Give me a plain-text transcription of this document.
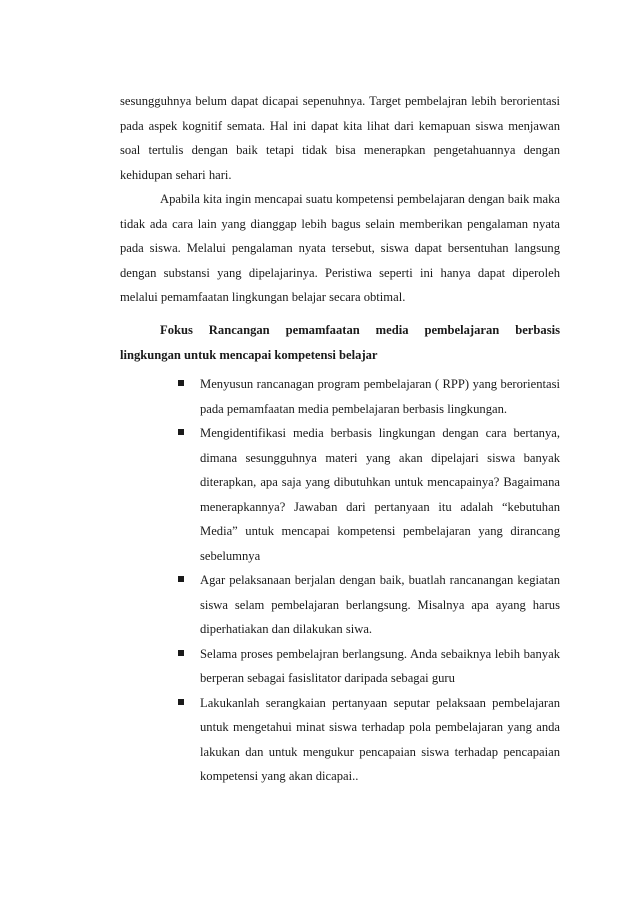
sesungguhnya belum dapat dicapai sepenuhnya. Target pembelajran lebih berorientasi pada aspek kognitif semata. Hal ini dapat kita lihat dari kemapuan siswa menjawan soal tertulis dengan baik tetapi tidak bisa menerapkan pengetahuannya dengan kehidupan sehari hari.

Apabila kita ingin mencapai suatu kompetensi pembelajaran dengan baik maka tidak ada cara lain yang dianggap lebih bagus selain memberikan pengalaman nyata pada siswa. Melalui pengalaman nyata tersebut, siswa dapat bersentuhan langsung dengan substansi yang dipelajarinya. Peristiwa seperti ini hanya dapat diperoleh melalui pemamfaatan lingkungan belajar secara obtimal.

Fokus Rancangan pemamfaatan media pembelajaran berbasis lingkungan untuk mencapai kompetensi belajar

Menyusun rancanagan program pembelajaran ( RPP) yang berorientasi pada pemamfaatan media pembelajaran berbasis lingkungan.
Mengidentifikasi media berbasis lingkungan dengan cara bertanya, dimana sesungguhnya materi yang akan dipelajari siswa banyak diterapkan, apa saja yang dibutuhkan untuk mencapainya? Bagaimana menerapkannya? Jawaban dari pertanyaan itu adalah “kebutuhan Media” untuk mencapai kompetensi pembelajaran yang dirancang sebelumnya
Agar pelaksanaan berjalan dengan baik, buatlah rancanangan kegiatan siswa selam pembelajaran berlangsung. Misalnya apa ayang harus diperhatiakan dan dilakukan siwa.
Selama proses pembelajran berlangsung. Anda sebaiknya lebih banyak berperan sebagai fasislitator daripada sebagai guru
Lakukanlah serangkaian pertanyaan seputar pelaksaan pembelajaran untuk mengetahui minat siswa terhadap pola pembelajaran yang anda lakukan dan untuk mengukur pencapaian siswa terhadap pencapaian kompetensi yang akan dicapai..
